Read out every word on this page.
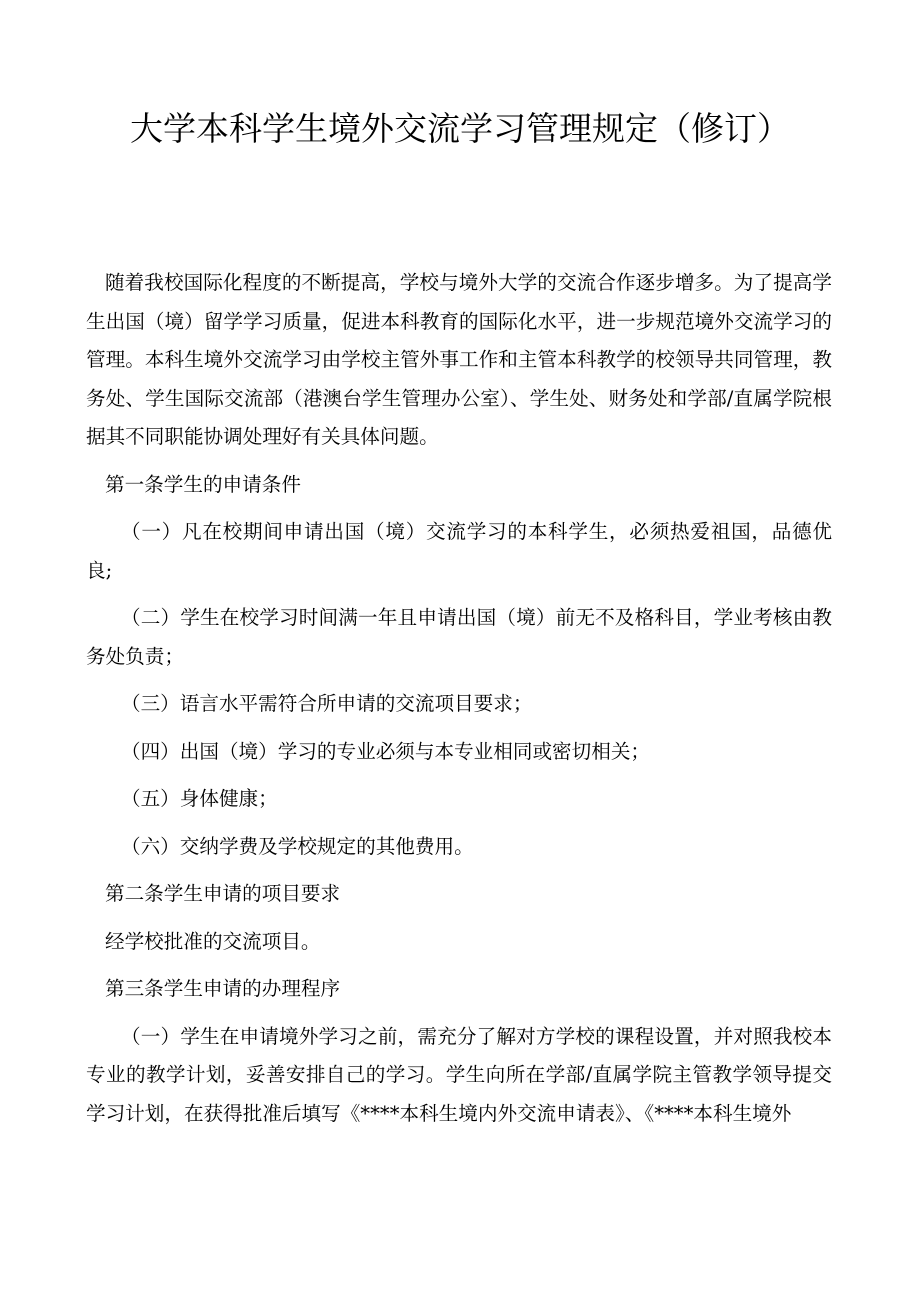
大学本科学生境外交流学习管理规定（修订）

随着我校国际化程度的不断提高，学校与境外大学的交流合作逐步增多。为了提高学生出国（境）留学学习质量，促进本科教育的国际化水平，进一步规范境外交流学习的管理。本科生境外交流学习由学校主管外事工作和主管本科教学的校领导共同管理，教务处、学生国际交流部（港澳台学生管理办公室）、学生处、财务处和学部/直属学院根据其不同职能协调处理好有关具体问题。

第一条学生的申请条件

（一）凡在校期间申请出国（境）交流学习的本科学生，必须热爱祖国，品德优良;

（二）学生在校学习时间满一年且申请出国（境）前无不及格科目，学业考核由教务处负责；

（三）语言水平需符合所申请的交流项目要求；

（四）出国（境）学习的专业必须与本专业相同或密切相关；

（五）身体健康；

（六）交纳学费及学校规定的其他费用。

第二条学生申请的项目要求

经学校批准的交流项目。

第三条学生申请的办理程序

（一）学生在申请境外学习之前，需充分了解对方学校的课程设置，并对照我校本专业的教学计划，妥善安排自己的学习。学生向所在学部/直属学院主管教学领导提交学习计划，在获得批准后填写《****本科生境内外交流申请表》、《****本科生境外
